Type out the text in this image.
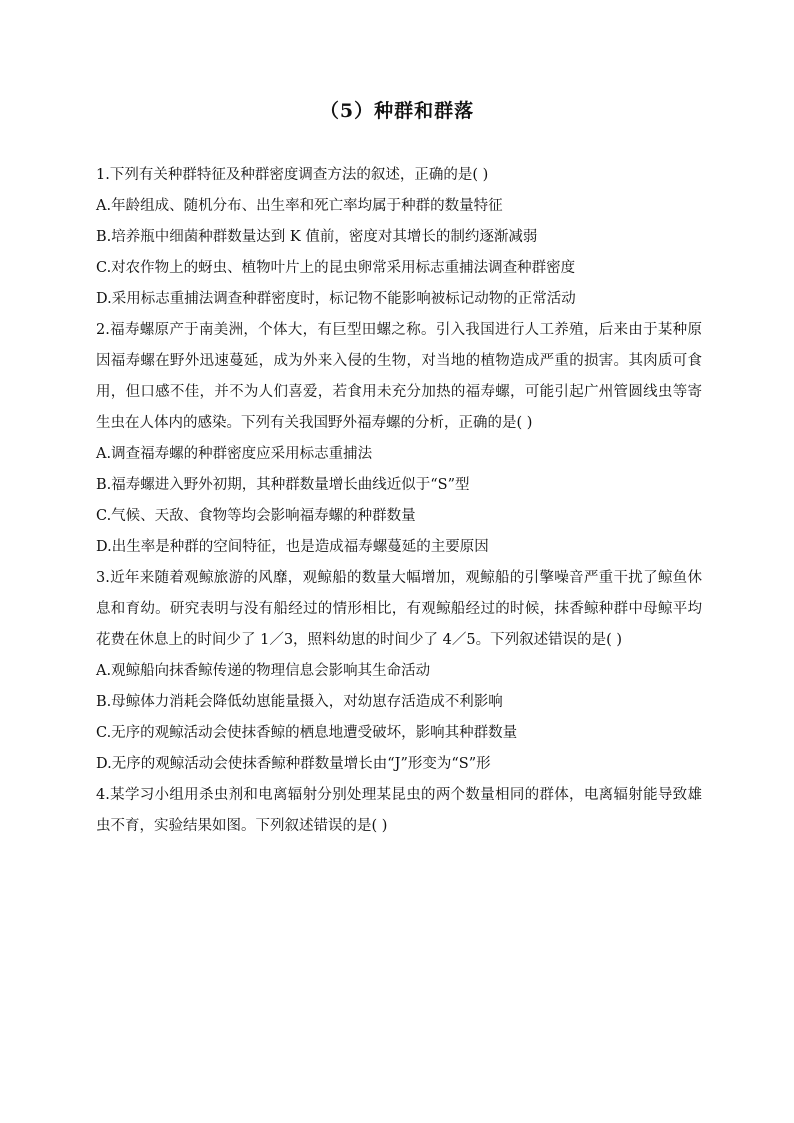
（5）种群和群落

1.下列有关种群特征及种群密度调查方法的叙述，正确的是( )

A.年龄组成、随机分布、出生率和死亡率均属于种群的数量特征

B.培养瓶中细菌种群数量达到 K 值前，密度对其增长的制约逐渐减弱

C.对农作物上的蚜虫、植物叶片上的昆虫卵常采用标志重捕法调查种群密度

D.采用标志重捕法调查种群密度时，标记物不能影响被标记动物的正常活动

2.福寿螺原产于南美洲，个体大，有巨型田螺之称。引入我国进行人工养殖，后来由于某种原因福寿螺在野外迅速蔓延，成为外来入侵的生物，对当地的植物造成严重的损害。其肉质可食用，但口感不佳，并不为人们喜爱，若食用未充分加热的福寿螺，可能引起广州管圆线虫等寄生虫在人体内的感染。下列有关我国野外福寿螺的分析，正确的是( )

A.调查福寿螺的种群密度应采用标志重捕法

B.福寿螺进入野外初期，其种群数量增长曲线近似于“S”型

C.气候、天敌、食物等均会影响福寿螺的种群数量

D.出生率是种群的空间特征，也是造成福寿螺蔓延的主要原因

3.近年来随着观鲸旅游的风靡，观鲸船的数量大幅增加，观鲸船的引擎噪音严重干扰了鲸鱼休息和育幼。研究表明与没有船经过的情形相比，有观鲸船经过的时候，抹香鲸种群中母鲸平均花费在休息上的时间少了 1／3，照料幼崽的时间少了 4／5。下列叙述错误的是( )

A.观鲸船向抹香鲸传递的物理信息会影响其生命活动

B.母鲸体力消耗会降低幼崽能量摄入，对幼崽存活造成不利影响

C.无序的观鲸活动会使抹香鲸的栖息地遭受破坏，影响其种群数量

D.无序的观鲸活动会使抹香鲸种群数量增长由“J”形变为“S”形

4.某学习小组用杀虫剂和电离辐射分别处理某昆虫的两个数量相同的群体，电离辐射能导致雄虫不育，实验结果如图。下列叙述错误的是( )
